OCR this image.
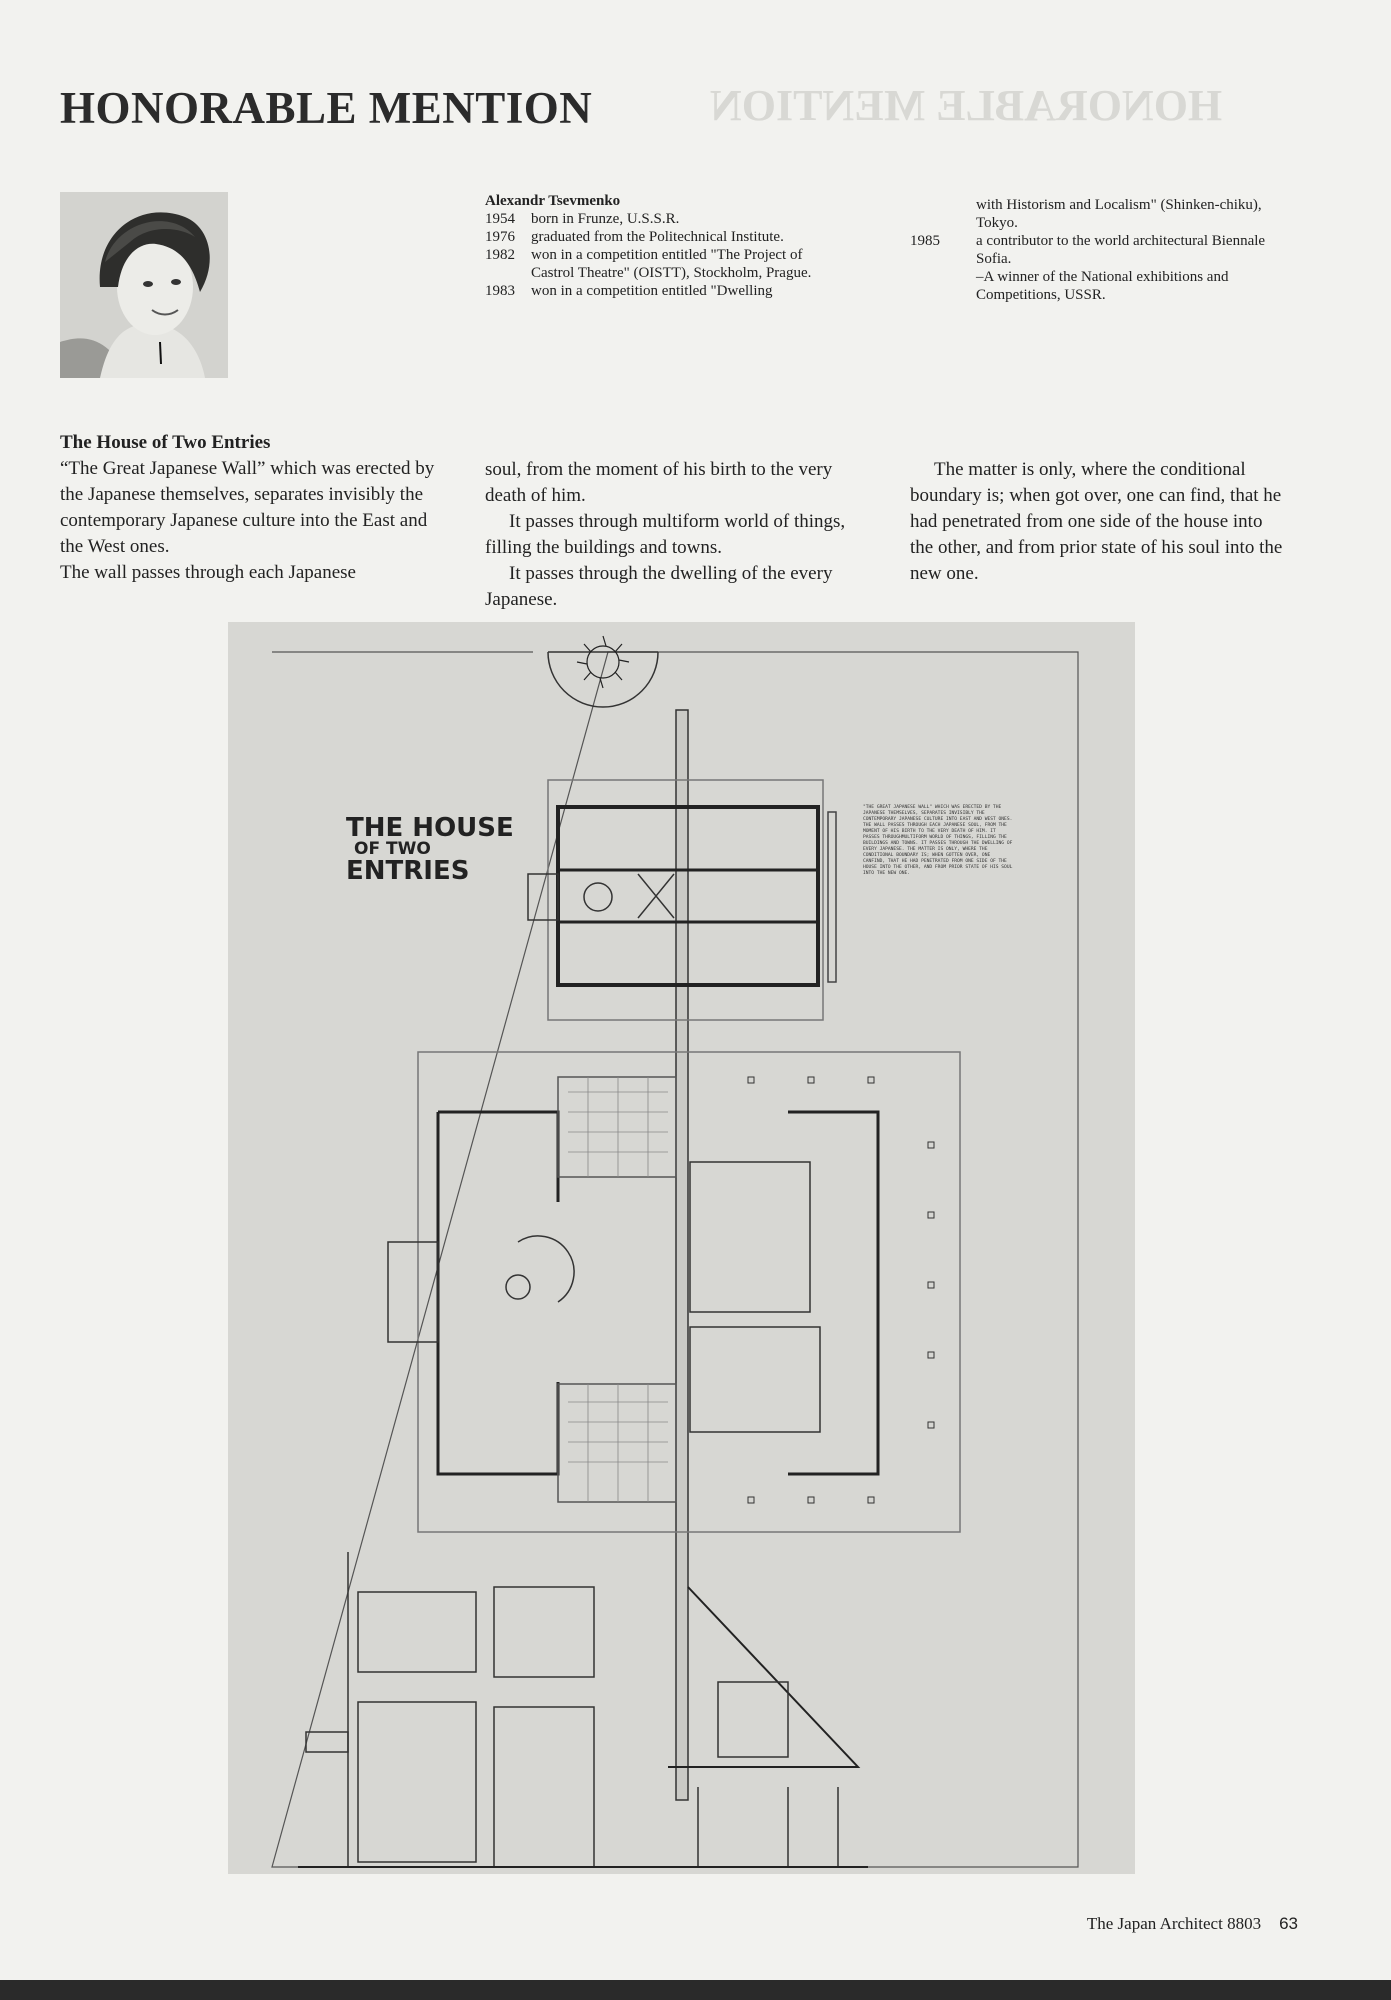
HONORABLE MENTION
HONORABLE MENTION
Alexandr Tsevmenko
1954	born in Frunze, U.S.S.R.
1976	graduated from the Politechnical Institute.
1982	won in a competition entitled "The Project of Castrol Theatre" (OISTT), Stockholm, Prague.
1983	won in a competition entitled "Dwelling
with Historism and Localism" (Shinken-chiku), Tokyo.
1985	a contributor to the world architectural Biennale Sofia.
–A winner of the National exhibitions and Competitions, USSR.
The House of Two Entries

“The Great Japanese Wall” which was erected by the Japanese themselves, separates invisibly the contemporary Japanese culture into the East and the West ones.

The wall passes through each Japanese

soul, from the moment of his birth to the very death of him.

It passes through multiform world of things, filling the buildings and towns.

It passes through the dwelling of the every Japanese.

The matter is only, where the conditional boundary is; when got over, one can find, that he had penetrated from one side of the house into the other, and from prior state of his soul into the new one.

THE HOUSE
OF TWO
ENTRIES
"THE GREAT JAPANESE WALL" WHICH WAS ERECTED BY THE JAPANESE THEMSELVES, SEPARATES INVISIBLY THE CONTEMPORARY JAPANESE CULTURE INTO EAST AND WEST ONES. THE WALL PASSES THROUGH EACH JAPANESE SOUL, FROM THE MOMENT OF HIS BIRTH TO THE VERY DEATH OF HIM. IT PASSES THROUGHMULTIFORM WORLD OF THINGS, FILLING THE BUILDINGS AND TOWNS. IT PASSES THROUGH THE DWELLING OF EVERY JAPANESE. THE MATTER IS ONLY, WHERE THE CONDITIONAL BOUNDARY IS; WHEN GOTTEN OVER, ONE CANFIND, THAT HE HAD PENETRATED FROM ONE SIDE OF THE HOUSE INTO THE OTHER, AND FROM PRIOR STATE OF HIS SOUL INTO THE NEW ONE.
The Japan Architect 8803 63
